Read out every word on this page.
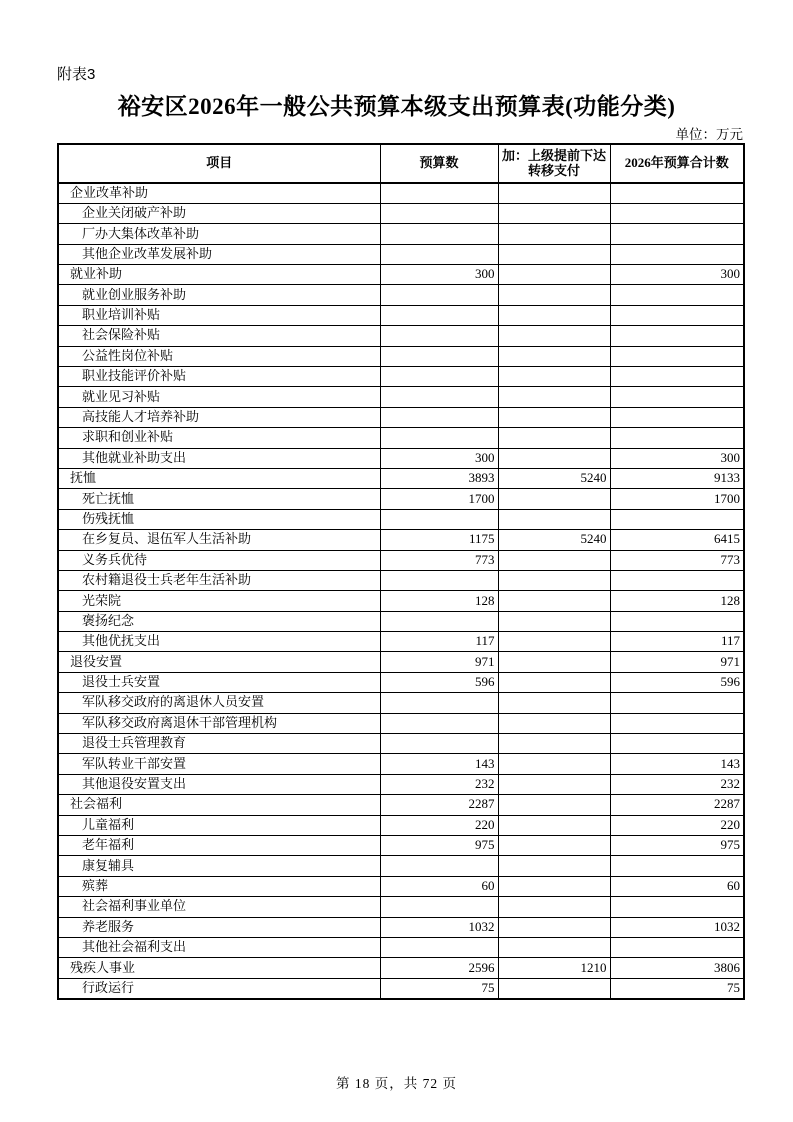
附表3
裕安区2026年一般公共预算本级支出预算表(功能分类)
单位：万元
项目	预算数	加：上级提前下达转移支付	2026年预算合计数
企业改革补助			
企业关闭破产补助			
厂办大集体改革补助			
其他企业改革发展补助			
就业补助	300		300
就业创业服务补助			
职业培训补贴			
社会保险补贴			
公益性岗位补贴			
职业技能评价补贴			
就业见习补贴			
高技能人才培养补助			
求职和创业补贴			
其他就业补助支出	300		300
抚恤	3893	5240	9133
死亡抚恤	1700		1700
伤残抚恤			
在乡复员、退伍军人生活补助	1175	5240	6415
义务兵优待	773		773
农村籍退役士兵老年生活补助			
光荣院	128		128
褒扬纪念			
其他优抚支出	117		117
退役安置	971		971
退役士兵安置	596		596
军队移交政府的离退休人员安置			
军队移交政府离退休干部管理机构			
退役士兵管理教育			
军队转业干部安置	143		143
其他退役安置支出	232		232
社会福利	2287		2287
儿童福利	220		220
老年福利	975		975
康复辅具			
殡葬	60		60
社会福利事业单位			
养老服务	1032		1032
其他社会福利支出			
残疾人事业	2596	1210	3806
行政运行	75		75
第 18 页，共 72 页
